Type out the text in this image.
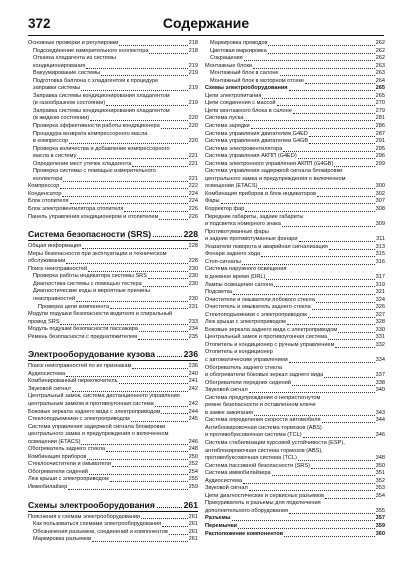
372	Содержание
Основные проверки и регулировки	218
Подсоединение измерительного коллектора	218
Откачка хладагента из системы
кондиционирования	219
Вакуумирование системы	219
Подготовка баллона с хладагентом к процедуре
заправки системы	219
Заправка системы кондиционирования хладагентом
(в газообразном состоянии)	219
Заправка системы кондиционирования хладагентом
(в жидком состоянии)	220
Проверка эффективности работы кондиционера	220
Процедура возврата компрессорного масла
в компрессор	220
Проверка количества и добавление компрессорного
масла в систему	221
Определение мест утечек хладагента	221
Проверка системы с помощью измерительного
коллектора	221
Компрессор	222
Конденсатор	224
Блок отопителя	224
Блок электровентилятора отопителя	226
Панель управления кондиционером и отопителем	226
Система безопасности (SRS)	228
Общая информация	228
Меры безопасности при эксплуатации и техническом
обслуживании	228
Поиск неисправностей	230
Проверка работы индикатора системы SRS	230
Диагностика системы с помощью тестера	230
Диагностические коды и вероятные причины
неисправностей	230
Проверка цепи компонента	231
Модули подушки безопасности водителя и спиральный
провод SRS	233
Модуль подушки безопасности пассажира	234
Ремень безопасности с преднатяжителем	235
Электрооборудование кузова	236
Поиск неисправностей по их признакам	236
Аудиосистема	240
Комбинированный переключатель	241
Звуковой сигнал	242
Центральный замок, система дистанционного управления
центральным замком и противоугонная система	242
Боковые зеркала заднего вида с электроприводом	244
Стеклоподъемники с электроприводом	245
Система управления задержкой сигнала блокировки
центрального замка и предупреждения о включенном
освещении (ETACS)	246
Обогреватель заднего стекла	248
Комбинация приборов	250
Стеклоочистители и омыватели	252
Обогреватели сидений	254
Люк крыши с электроприводом	255
Иммобилайзер	259
Схемы электрооборудования	261
Пояснения к схемам электрооборудования	261
Как пользоваться схемами электрооборудования	261
Обозначения разъемов, соединений и компонентов	261
Маркировка разъемов	261
Маркировка проводов	262
Цветовая маркировка	262
Сокращения	262
Монтажные блоки	263
Монтажный блок в салоне	263
Монтажный блок в моторном отсеке	264
Схемы электрооборудования	265
Цепи электропитания	265
Цепи соединения с массой	270
Цепи монтажного блока в салоне	279
Система пуска	281
Система зарядки	286
Система управления двигателем G4ED	287
Система управления двигателем G4GB	291
Система электровентилятора	295
Система управления АКПП (G4ED)	296
Система электронного управления АКПП (G4GB)	299
Система управления задержкой сигнала блокировки
центрального замка и предупреждения о включенном
освещении (ETACS)	300
Комбинация приборов и блок индикаторов	302
Фары	307
Корректор фар	308
Передние габариты, задние габариты
и подсветка номерного знака	309
Противотуманные фары
и задние противотуманные фонари	311
Указатели поворота и аварийная сигнализация	313
Фонари заднего хода	315
Стоп-сигналы	316
Система наружного освещения
в дневное время (DRL)	317
Лампы освещения салона	319
Подсветка	321
Очистители и омыватели лобового стекла	324
Очиститель и омыватель заднего стекла	326
Стеклоподъемники с электроприводом	327
Люк крыши с электроприводом	328
Боковые зеркала заднего вида с электроприводом	330
Центральный замок и противоугонная система	331
Отопитель и кондиционер с ручным управлением	332
Отопитель и кондиционер
с автоматическим управлением	334
Обогреватель заднего стекла
и обогреватели боковых зеркал заднего вида	337
Обогреватели передних сидений	338
Звуковой сигнал	340
Система предупреждения о непристегнутом
ремне безопасности и оставленном ключе
в замке зажигания	343
Система определения скорости автомобиля	344
Антиблокировочная система тормозов (ABS)
и противобуксовочная система (TCL)	346
Система стабилизации курсовой устойчивости (ESP),
антиблокировочная система тормозов (ABS),
противобуксовочная система (TCL)	348
Система пассивной безопасности (SRS)	350
Система иммобилайзера	351
Аудиосистема	352
Звуковой сигнал	353
Цепи диагностических и сервисных разъемов	354
Прикуриватель и разъемы для подключения
дополнительного оборудования	355
Разъемы	357
Перемычки	359
Расположение компонентов	360
